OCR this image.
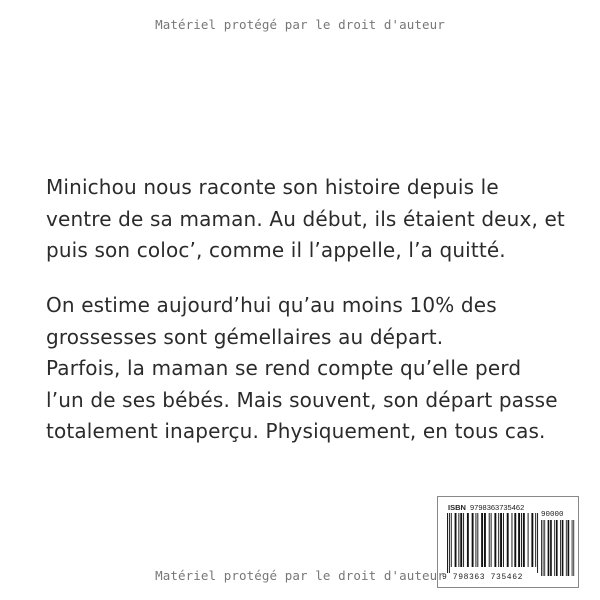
Matériel protégé par le droit d'auteur
Minichou nous raconte son histoire depuis le
ventre de sa maman. Au début, ils étaient deux, et
puis son coloc’, comme il l’appelle, l’a quitté.
On estime aujourd’hui qu’au moins 10% des
grossesses sont gémellaires au départ.
Parfois, la maman se rend compte qu’elle perd
l’un de ses bébés. Mais souvent, son départ passe
totalement inaperçu. Physiquement, en tous cas.
ISBN 9798363735462
9 798363 735462
90000
Matériel protégé par le droit d'auteur
